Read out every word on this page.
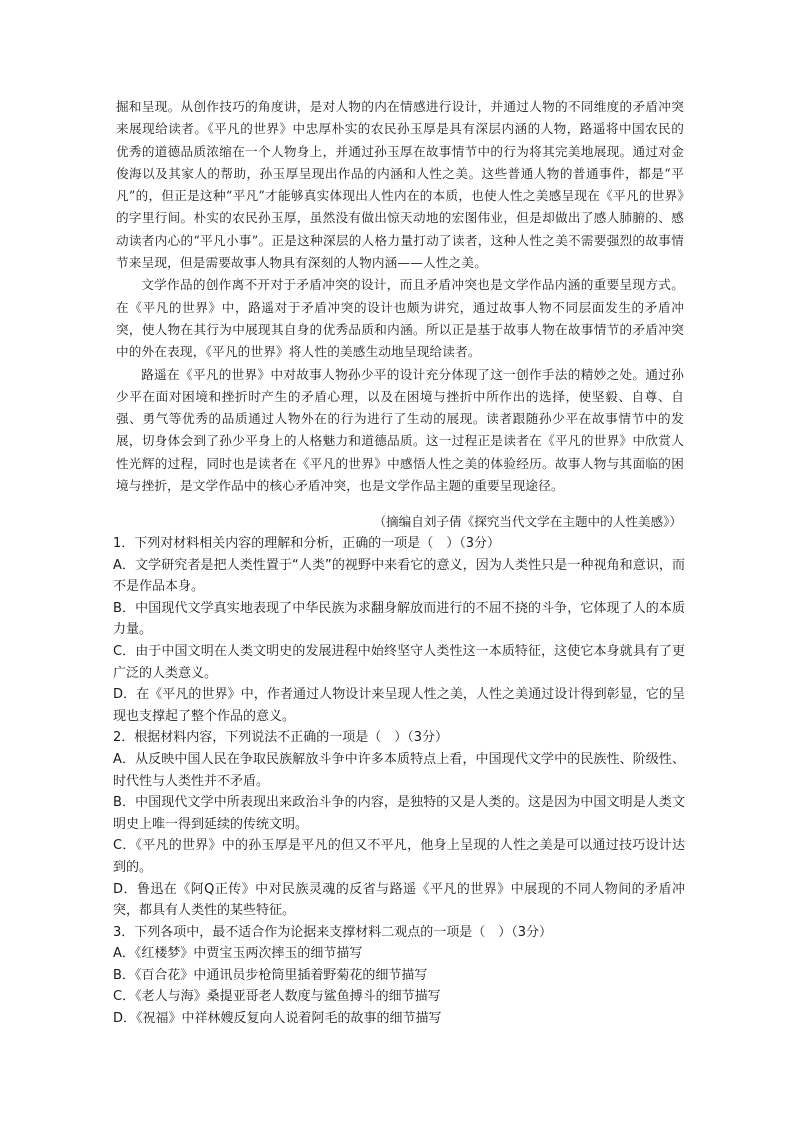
掘和呈现。从创作技巧的角度讲，是对人物的内在情感进行设计，并通过人物的不同维度的矛盾冲突来展现给读者。《平凡的世界》中忠厚朴实的农民孙玉厚是具有深层内涵的人物，路遥将中国农民的优秀的道德品质浓缩在一个人物身上，并通过孙玉厚在故事情节中的行为将其完美地展现。通过对金俊海以及其家人的帮助，孙玉厚呈现出作品的内涵和人性之美。这些普通人物的普通事件，都是“平凡”的，但正是这种“平凡”才能够真实体现出人性内在的本质，也使人性之美感呈现在《平凡的世界》的字里行间。朴实的农民孙玉厚，虽然没有做出惊天动地的宏图伟业，但是却做出了感人肺腑的、感动读者内心的“平凡小事”。正是这种深层的人格力量打动了读者，这种人性之美不需要强烈的故事情节来呈现，但是需要故事人物具有深刻的人物内涵——人性之美。

文学作品的创作离不开对于矛盾冲突的设计，而且矛盾冲突也是文学作品内涵的重要呈现方式。在《平凡的世界》中，路遥对于矛盾冲突的设计也颇为讲究，通过故事人物不同层面发生的矛盾冲突，使人物在其行为中展现其自身的优秀品质和内涵。所以正是基于故事人物在故事情节的矛盾冲突中的外在表现，《平凡的世界》将人性的美感生动地呈现给读者。

路遥在《平凡的世界》中对故事人物孙少平的设计充分体现了这一创作手法的精妙之处。通过孙少平在面对困境和挫折时产生的矛盾心理，以及在困境与挫折中所作出的选择，使坚毅、自尊、自强、勇气等优秀的品质通过人物外在的行为进行了生动的展现。读者跟随孙少平在故事情节中的发展，切身体会到了孙少平身上的人格魅力和道德品质。这一过程正是读者在《平凡的世界》中欣赏人性光辉的过程，同时也是读者在《平凡的世界》中感悟人性之美的体验经历。故事人物与其面临的困境与挫折，是文学作品中的核心矛盾冲突，也是文学作品主题的重要呈现途径。

（摘编自刘子倩《探究当代文学在主题中的人性美感》）
1．下列对材料相关内容的理解和分析，正确的一项是（　）（3分）
A．文学研究者是把人类性置于“人类”的视野中来看它的意义，因为人类性只是一种视角和意识，而不是作品本身。
B．中国现代文学真实地表现了中华民族为求翻身解放而进行的不屈不挠的斗争，它体现了人的本质力量。
C．由于中国文明在人类文明史的发展进程中始终坚守人类性这一本质特征，这使它本身就具有了更广泛的人类意义。
D．在《平凡的世界》中，作者通过人物设计来呈现人性之美，人性之美通过设计得到彰显，它的呈现也支撑起了整个作品的意义。
2．根据材料内容，下列说法不正确的一项是（　）（3分）
A．从反映中国人民在争取民族解放斗争中许多本质特点上看，中国现代文学中的民族性、阶级性、时代性与人类性并不矛盾。
B．中国现代文学中所表现出来政治斗争的内容，是独特的又是人类的。这是因为中国文明是人类文明史上唯一得到延续的传统文明。
C．《平凡的世界》中的孙玉厚是平凡的但又不平凡，他身上呈现的人性之美是可以通过技巧设计达到的。
D．鲁迅在《阿Q正传》中对民族灵魂的反省与路遥《平凡的世界》中展现的不同人物间的矛盾冲突，都具有人类性的某些特征。
3．下列各项中，最不适合作为论据来支撑材料二观点的一项是（　）（3分）
A．《红楼梦》中贾宝玉两次摔玉的细节描写
B．《百合花》中通讯员步枪筒里插着野菊花的细节描写
C．《老人与海》桑提亚哥老人数度与鲨鱼搏斗的细节描写
D．《祝福》中祥林嫂反复向人说着阿毛的故事的细节描写
